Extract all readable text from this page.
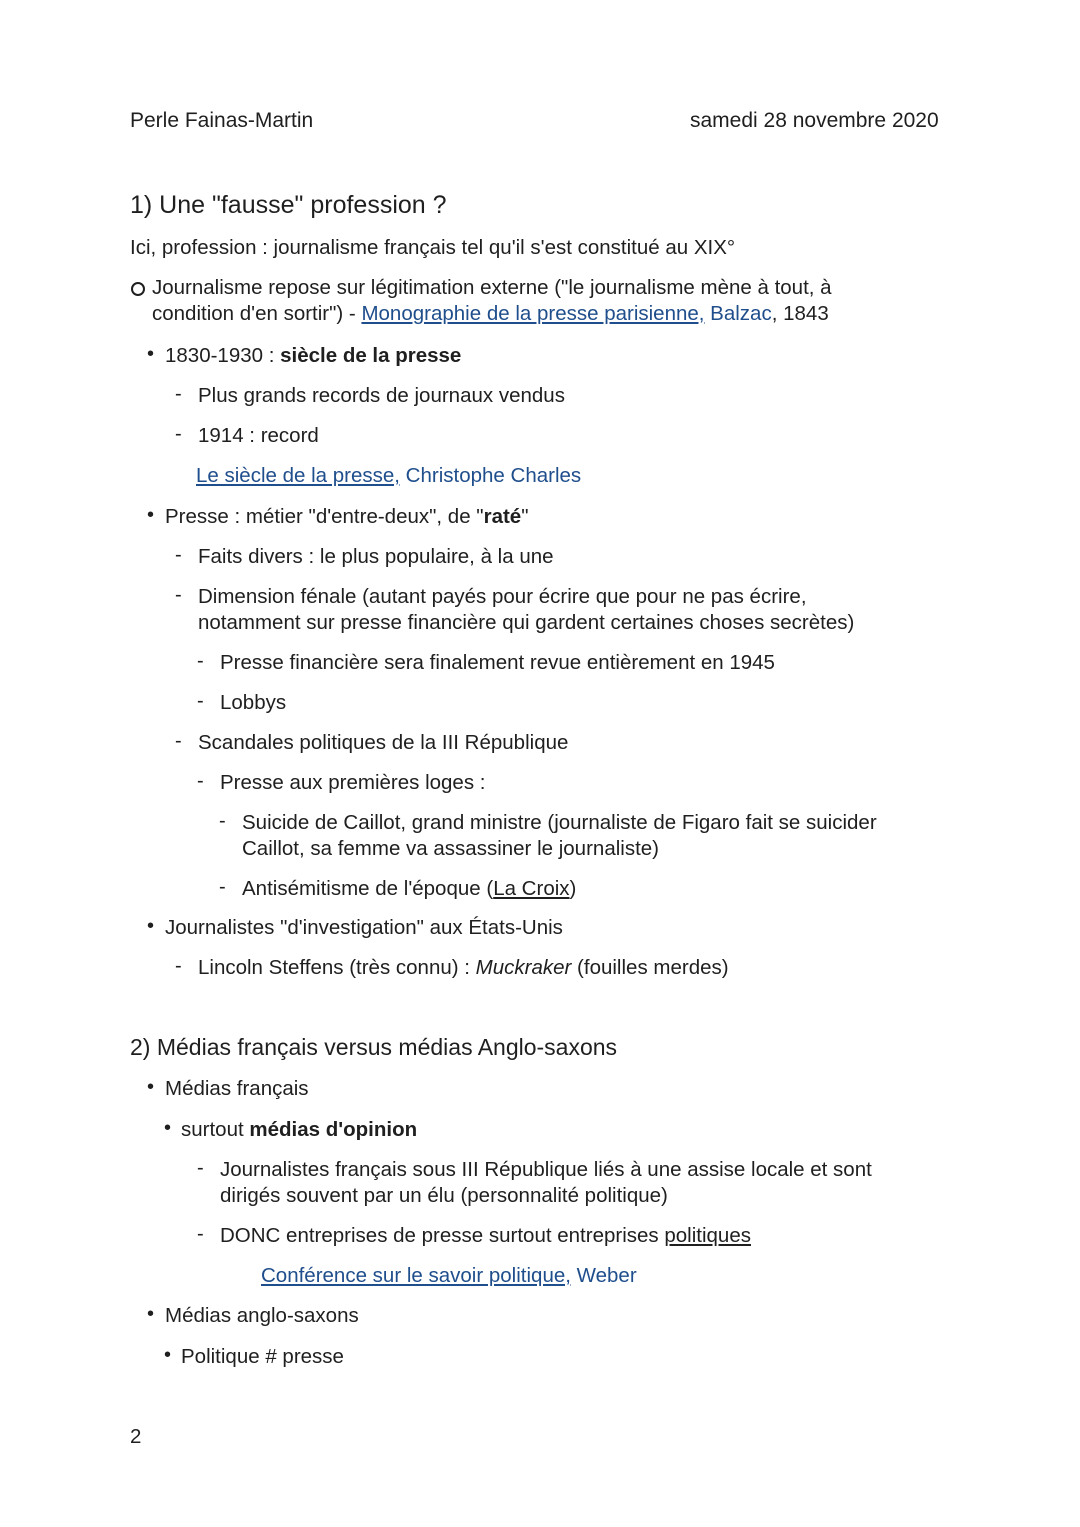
Perle Fainas-Martin	samedi 28 novembre 2020
1) Une "fausse" profession ?
Ici, profession : journalisme français tel qu'il s'est constitué au XIX°
Journalisme repose sur légitimation externe ("le journalisme mène à tout, à
condition d'en sortir") - Monographie de la presse parisienne, Balzac, 1843
• 1830-1930 : siècle de la presse
- Plus grands records de journaux vendus
- 1914 : record
Le siècle de la presse, Christophe Charles
• Presse : métier "d'entre-deux", de "raté"
- Faits divers : le plus populaire, à la une
- Dimension fénale (autant payés pour écrire que pour ne pas écrire,
notamment sur presse financière qui gardent certaines choses secrètes)
- Presse financière sera finalement revue entièrement en 1945
- Lobbys
- Scandales politiques de la III République
- Presse aux premières loges :
- Suicide de Caillot, grand ministre (journaliste de Figaro fait se suicider
Caillot, sa femme va assassiner le journaliste)
- Antisémitisme de l'époque (La Croix)
• Journalistes "d'investigation" aux États-Unis
- Lincoln Steffens (très connu) : Muckraker (fouilles merdes)
2) Médias français versus médias Anglo-saxons
• Médias français
• surtout médias d'opinion
- Journalistes français sous III République liés à une assise locale et sont
dirigés souvent par un élu (personnalité politique)
- DONC entreprises de presse surtout entreprises politiques
Conférence sur le savoir politique, Weber
• Médias anglo-saxons
• Politique # presse
2
